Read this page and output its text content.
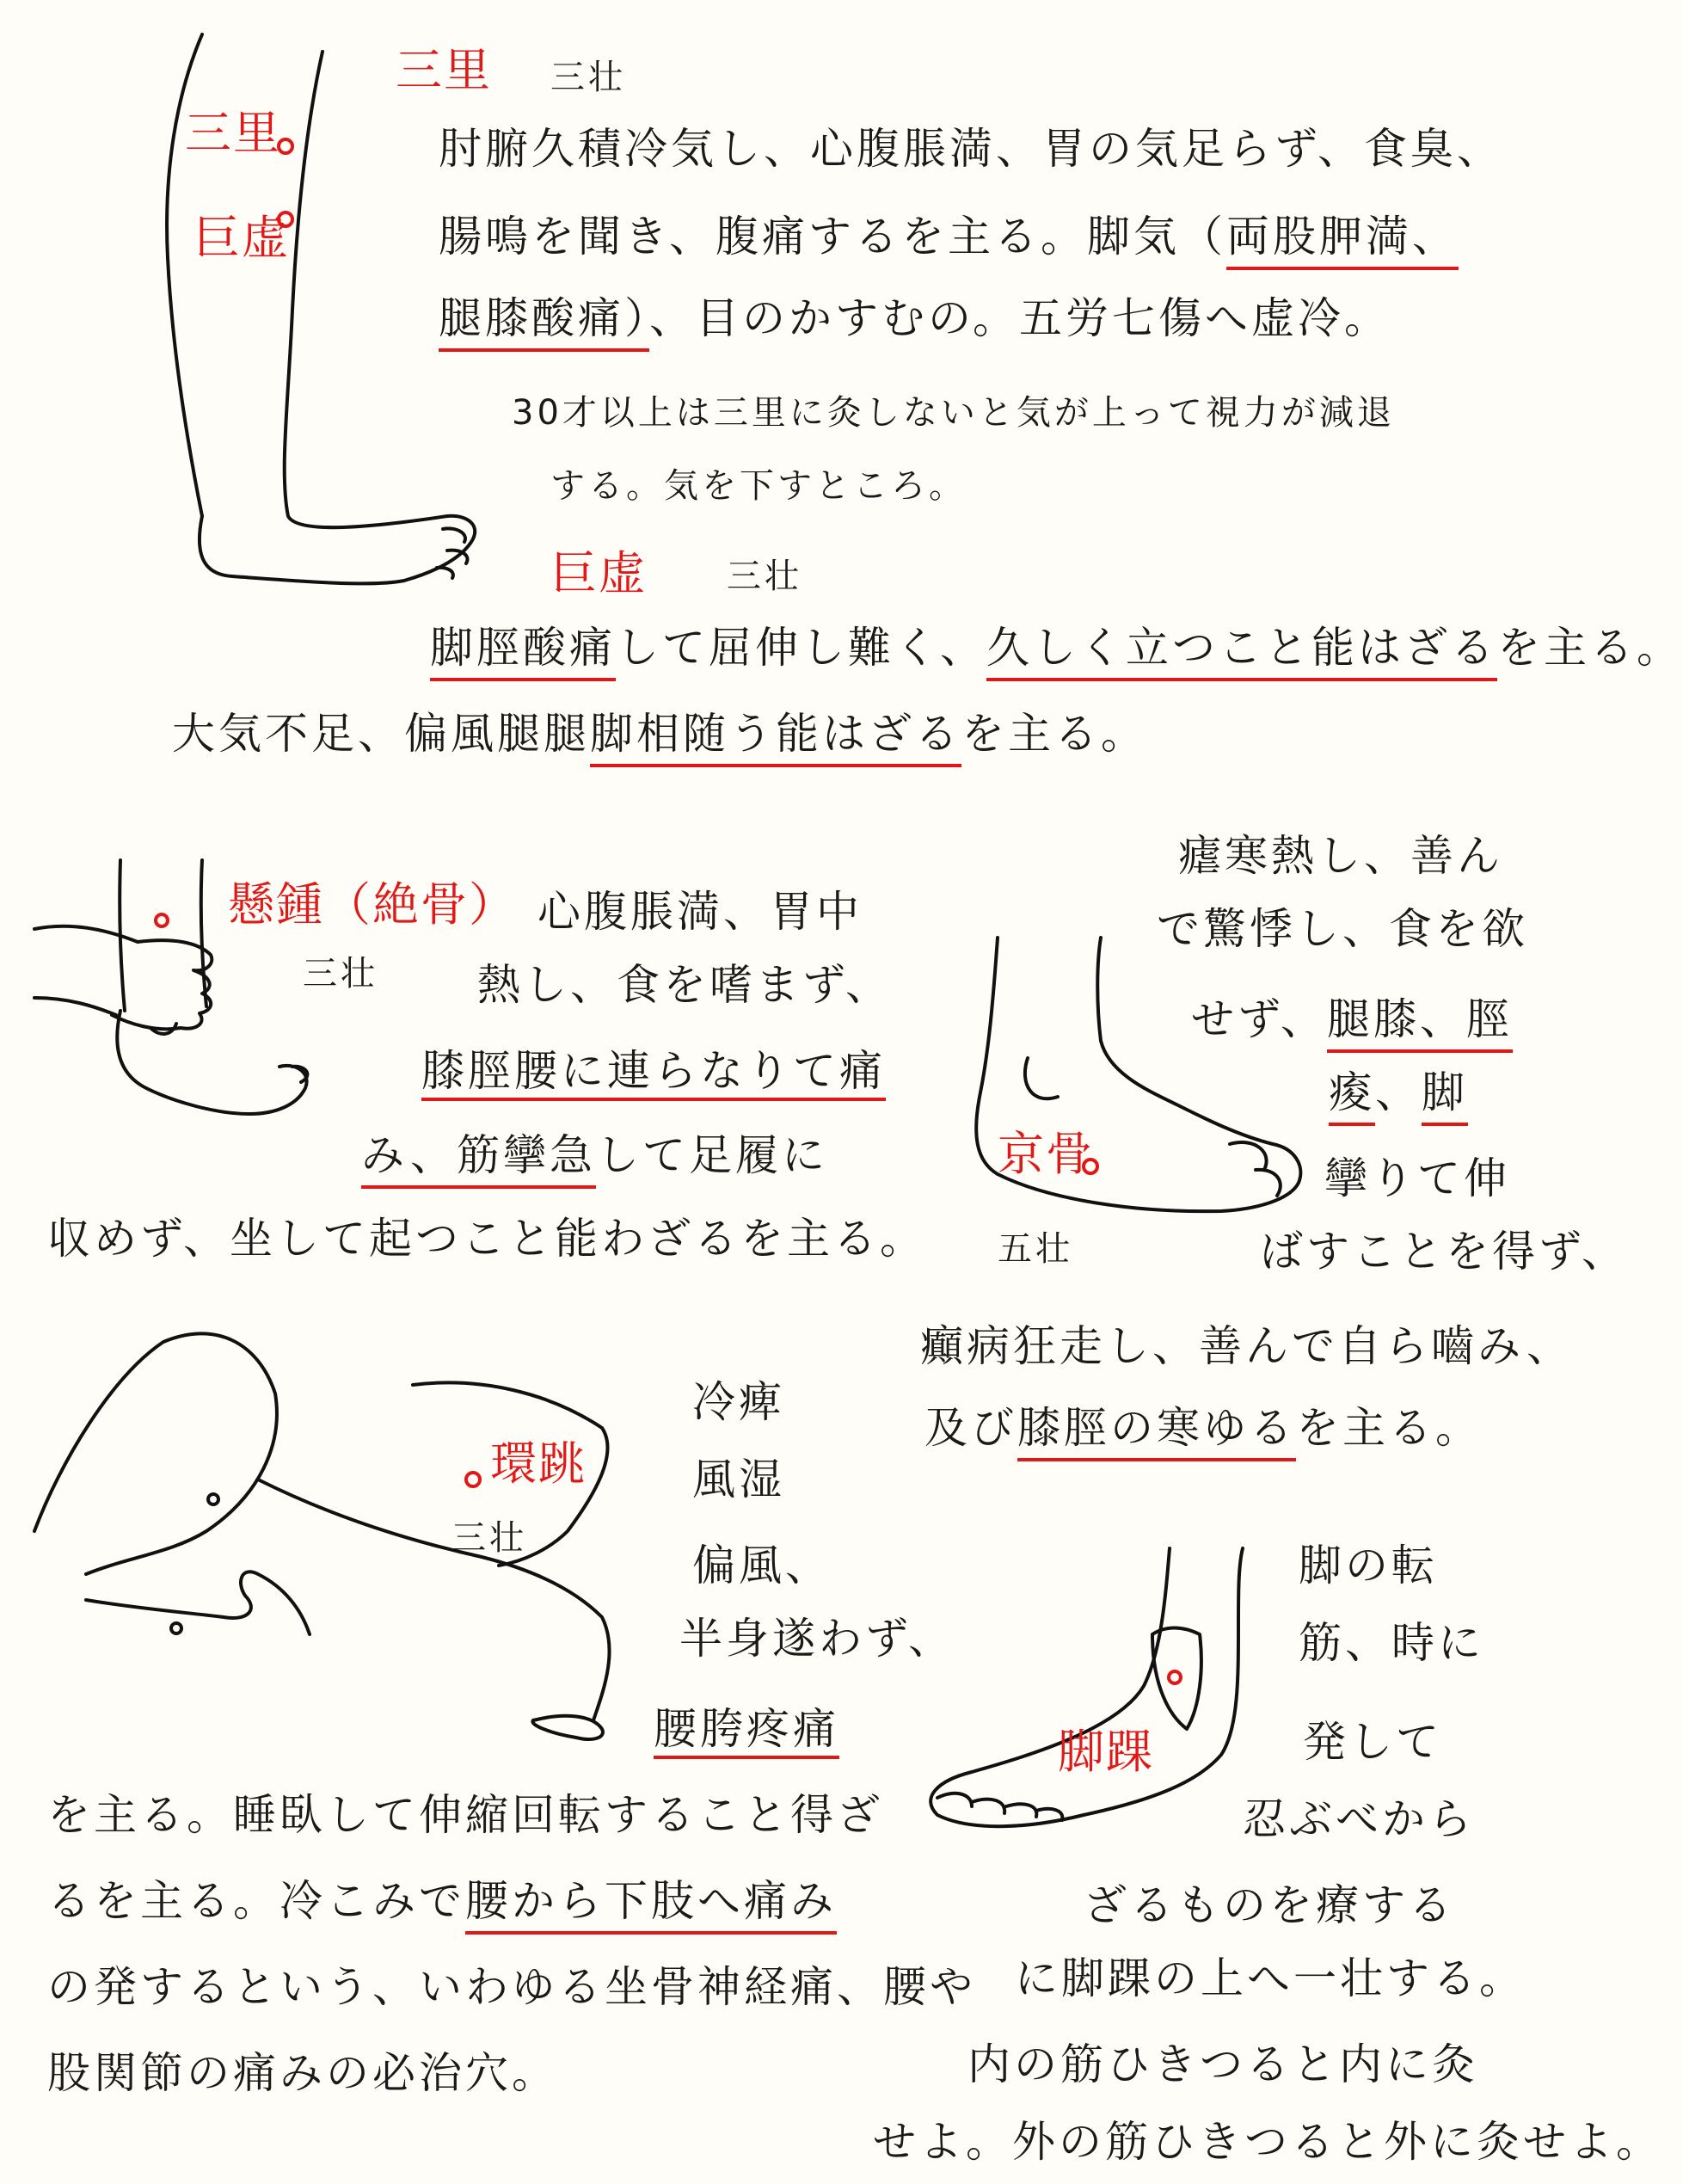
三里
巨虚
三里 三壮
肘腑久積冷気し、心腹脹満、胃の気足らず、食臭、
腸鳴を聞き、腹痛するを主る。脚気（両股胛満、
腿膝酸痛）、目のかすむの。五労七傷へ虚冷。
30才以上は三里に灸しないと気が上って視力が減退
する。気を下すところ。
巨虚 三壮
脚脛酸痛して屈伸し難く、久しく立つこと能はざるを主る。
大気不足、偏風腿腿脚相随う能はざるを主る。
懸鍾（絶骨）
三壮
心腹脹満、胃中
熱し、食を嗜まず、
膝脛腰に連らなりて痛
み、筋攣急して足履に
収めず、坐して起つこと能わざるを主る。
瘧寒熱し、善ん
で驚悸し、食を欲
せず、腿膝、脛
痠、脚
攣りて伸
京骨
五壮	ばすことを得ず、
癲病狂走し、善んで自ら嚙み、
及び膝脛の寒ゆるを主る。
環跳
三壮
冷痺
風湿
偏風、
半身遂わず、
腰胯疼痛
を主る。睡臥して伸縮回転すること得ざ
るを主る。冷こみで腰から下肢へ痛み
の発するという、いわゆる坐骨神経痛、腰や
股関節の痛みの必治穴。
脚の転
筋、時に
発して
忍ぶべから
脚踝
ざるものを療する
に脚踝の上へ一壮する。
内の筋ひきつると内に灸
せよ。外の筋ひきつると外に灸せよ。
